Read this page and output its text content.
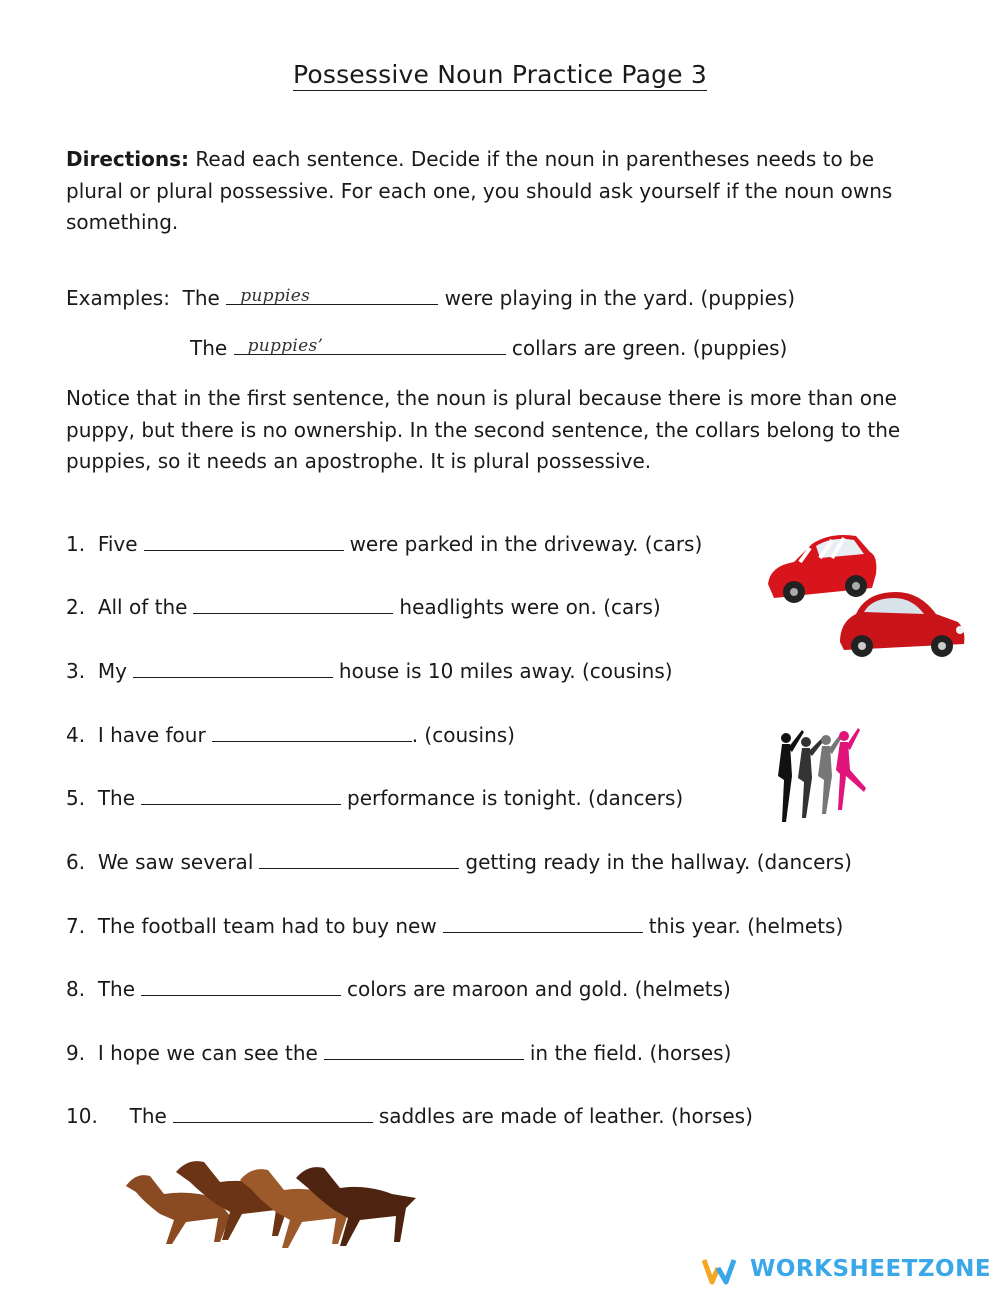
Possessive Noun Practice Page 3

Directions: Read each sentence. Decide if the noun in parentheses needs to be plural or plural possessive. For each one, you should ask yourself if the noun owns something.

Examples: The puppies	were playing in the yard. (puppies)
The puppies’	collars are green. (puppies)

Notice that in the first sentence, the noun is plural because there is more than one puppy, but there is no ownership. In the second sentence, the collars belong to the puppies, so it needs an apostrophe. It is plural possessive.

1. Five	were parked in the driveway. (cars)
2. All of the	headlights were on. (cars)
3. My	house is 10 miles away. (cousins)
4. I have four	. (cousins)
5. The	performance is tonight. (dancers)
6. We saw several	getting ready in the hallway. (dancers)
7. The football team had to buy new	this year. (helmets)
8. The	colors are maroon and gold. (helmets)
9. I hope we can see the	in the field. (horses)
10. The	saddles are made of leather. (horses)
WORKSHEETZONE
